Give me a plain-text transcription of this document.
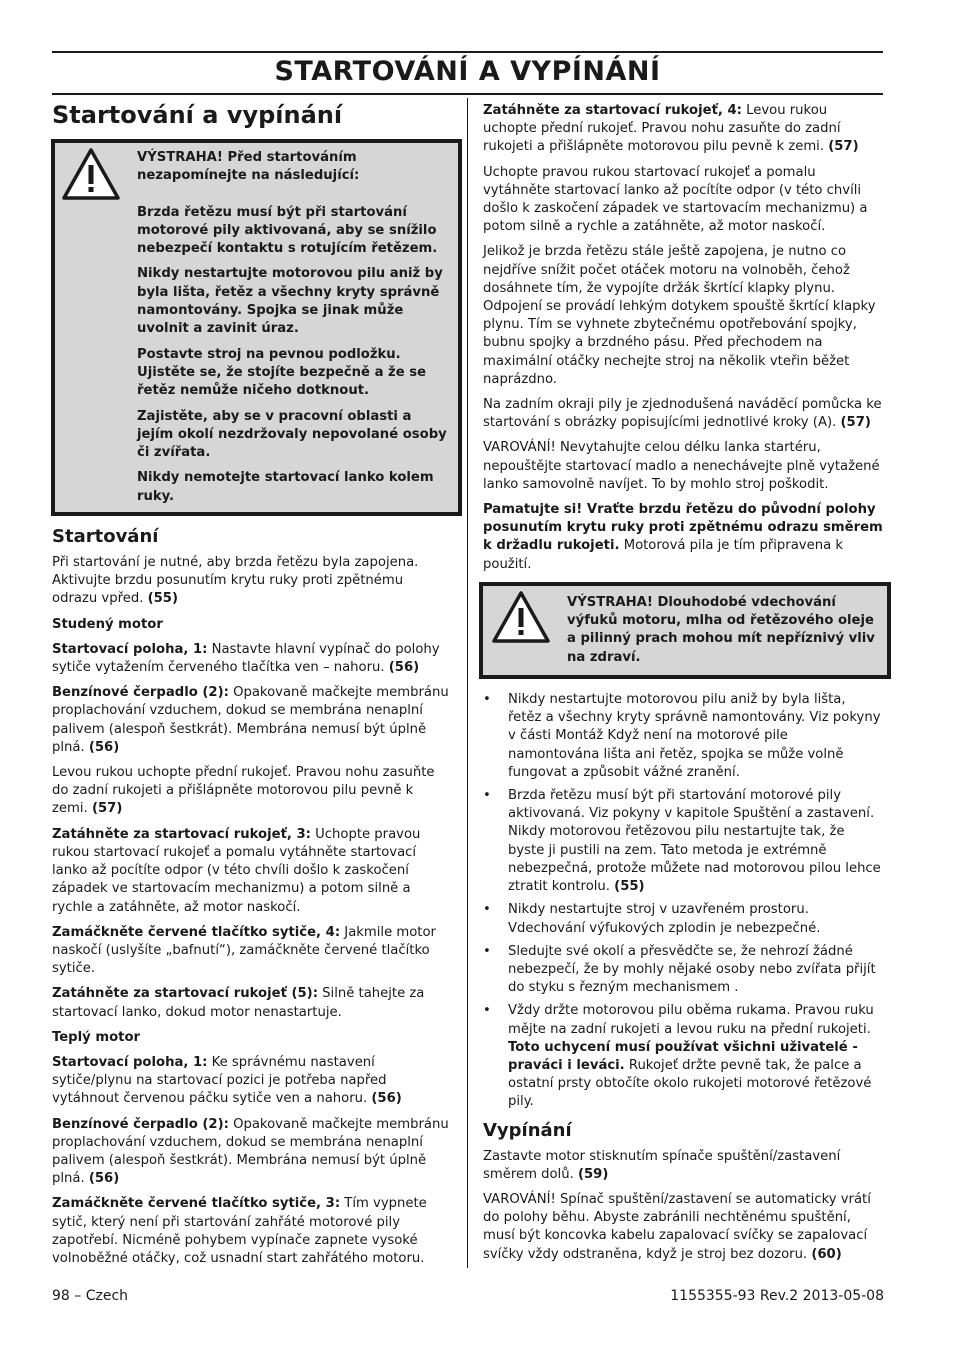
STARTOVÁNÍ A VYPÍNÁNÍ
Startování a vypínání

VÝSTRAHA! Před startováním nezapomínejte na následující:

Brzda řetězu musí být při startování motorové pily aktivovaná, aby se snížilo nebezpečí kontaktu s rotujícím řetězem.

Nikdy nestartujte motorovou pilu aniž by byla lišta, řetěz a všechny kryty správně namontovány. Spojka se jinak může uvolnit a zavinit úraz.

Postavte stroj na pevnou podložku. Ujistěte se, že stojíte bezpečně a že se řetěz nemůže ničeho dotknout.

Zajistěte, aby se v pracovní oblasti a jejím okolí nezdržovaly nepovolané osoby či zvířata.

Nikdy nemotejte startovací lanko kolem ruky.

Startování

Při startování je nutné, aby brzda řetězu byla zapojena. Aktivujte brzdu posunutím krytu ruky proti zpětnému odrazu vpřed. (55)

Studený motor

Startovací poloha, 1: Nastavte hlavní vypínač do polohy sytiče vytažením červeného tlačítka ven – nahoru. (56)

Benzínové čerpadlo (2): Opakovaně mačkejte membránu proplachování vzduchem, dokud se membrána nenaplní palivem (alespoň šestkrát). Membrána nemusí být úplně plná. (56)

Levou rukou uchopte přední rukojeť. Pravou nohu zasuňte do zadní rukojeti a přišlápněte motorovou pilu pevně k zemi. (57)

Zatáhněte za startovací rukojeť, 3: Uchopte pravou rukou startovací rukojeť a pomalu vytáhněte startovací lanko až pocítíte odpor (v této chvíli došlo k zaskočení západek ve startovacím mechanizmu) a potom silně a rychle a zatáhněte, až motor naskočí.

Zamáčkněte červené tlačítko sytiče, 4: Jakmile motor naskočí (uslyšíte „bafnutí“), zamáčkněte červené tlačítko sytiče.

Zatáhněte za startovací rukojeť (5): Silně tahejte za startovací lanko, dokud motor nenastartuje.

Teplý motor

Startovací poloha, 1: Ke správnému nastavení sytiče/plynu na startovací pozici je potřeba napřed vytáhnout červenou páčku sytiče ven a nahoru. (56)

Benzínové čerpadlo (2): Opakovaně mačkejte membránu proplachování vzduchem, dokud se membrána nenaplní palivem (alespoň šestkrát). Membrána nemusí být úplně plná. (56)

Zamáčkněte červené tlačítko sytiče, 3: Tím vypnete sytič, který není při startování zahřáté motorové pily zapotřebí. Nicméně pohybem vypínače zapnete vysoké volnoběžné otáčky, což usnadní start zahřátého motoru.

Zatáhněte za startovací rukojeť, 4: Levou rukou uchopte přední rukojeť. Pravou nohu zasuňte do zadní rukojeti a přišlápněte motorovou pilu pevně k zemi. (57)

Uchopte pravou rukou startovací rukojeť a pomalu vytáhněte startovací lanko až pocítíte odpor (v této chvíli došlo k zaskočení západek ve startovacím mechanizmu) a potom silně a rychle a zatáhněte, až motor naskočí.

Jelikož je brzda řetězu stále ještě zapojena, je nutno co nejdříve snížit počet otáček motoru na volnoběh, čehož dosáhnete tím, že vypojíte držák škrtící klapky plynu. Odpojení se provádí lehkým dotykem spouště škrtící klapky plynu. Tím se vyhnete zbytečnému opotřebování spojky, bubnu spojky a brzdného pásu. Před přechodem na maximální otáčky nechejte stroj na několik vteřin běžet naprázdno.

Na zadním okraji pily je zjednodušená naváděcí pomůcka ke startování s obrázky popisujícími jednotlivé kroky (A). (57)

VAROVÁNÍ! Nevytahujte celou délku lanka startéru, nepouštějte startovací madlo a nenechávejte plně vytažené lanko samovolně navíjet. To by mohlo stroj poškodit.

Pamatujte si! Vraťte brzdu řetězu do původní polohy posunutím krytu ruky proti zpětnému odrazu směrem k držadlu rukojeti. Motorová pila je tím připravena k použití.

VÝSTRAHA! Dlouhodobé vdechování výfuků motoru, mlha od řetězového oleje a pilinný prach mohou mít nepříznivý vliv na zdraví.

• Nikdy nestartujte motorovou pilu aniž by byla lišta, řetěz a všechny kryty správně namontovány. Viz pokyny v části Montáž Když není na motorové pile namontována lišta ani řetěz, spojka se může volně fungovat a způsobit vážné zranění.
• Brzda řetězu musí být při startování motorové pily aktivovaná. Viz pokyny v kapitole Spuštění a zastavení. Nikdy motorovou řetězovou pilu nestartujte tak, že byste ji pustili na zem. Tato metoda je extrémně nebezpečná, protože můžete nad motorovou pilou lehce ztratit kontrolu. (55)
• Nikdy nestartujte stroj v uzavřeném prostoru. Vdechování výfukových zplodin je nebezpečné.
• Sledujte své okolí a přesvědčte se, že nehrozí žádné nebezpečí, že by mohly nějaké osoby nebo zvířata přijít do styku s řezným mechanismem .
• Vždy držte motorovou pilu oběma rukama. Pravou ruku mějte na zadní rukojeti a levou ruku na přední rukojeti. Toto uchycení musí používat všichni uživatelé - praváci i leváci. Rukojeť držte pevně tak, že palce a ostatní prsty obtočíte okolo rukojeti motorové řetězové pily.
Vypínání

Zastavte motor stisknutím spínače spuštění/zastavení směrem dolů. (59)

VAROVÁNÍ! Spínač spuštění/zastavení se automaticky vrátí do polohy běhu. Abyste zabránili nechtěnému spuštění, musí být koncovka kabelu zapalovací svíčky se zapalovací svíčky vždy odstraněna, když je stroj bez dozoru. (60)

98 – Czech	1155355-93 Rev.2 2013-05-08
